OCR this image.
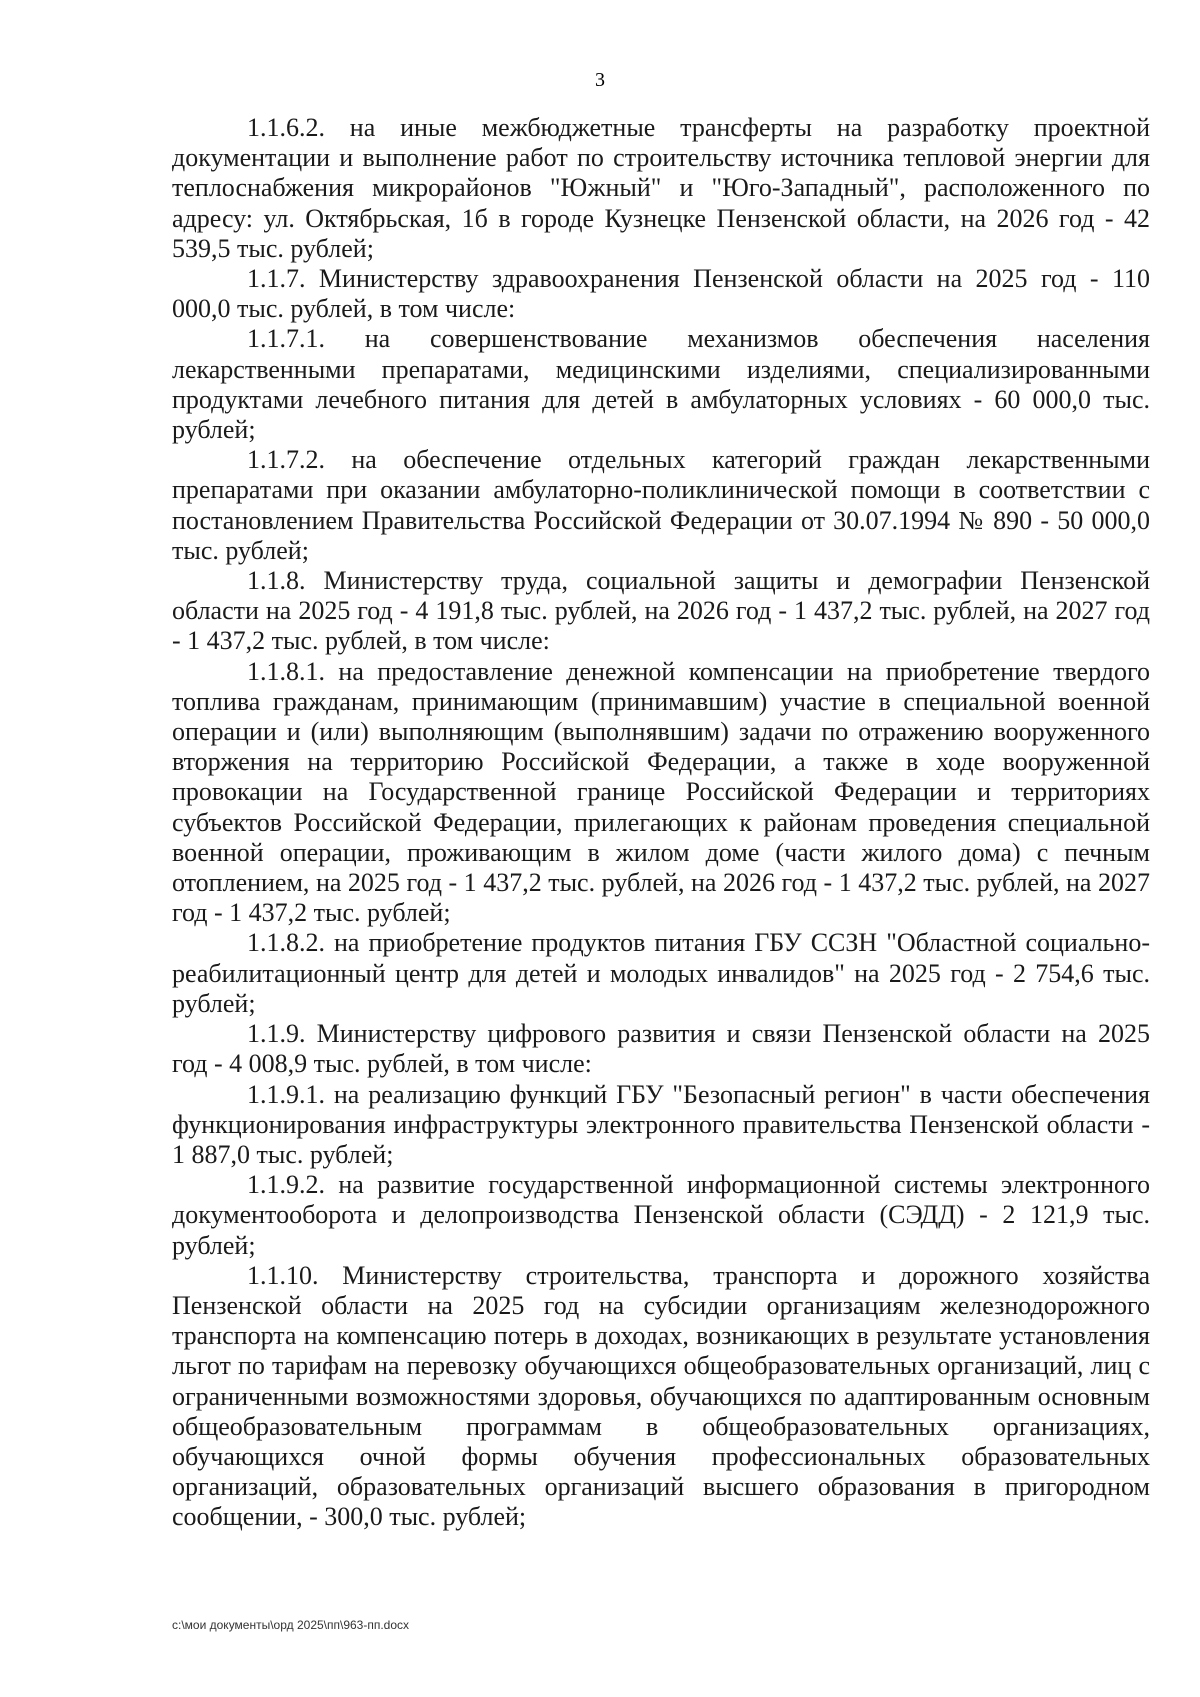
3

1.1.6.2. на иные межбюджетные трансферты на разработку проектной документации и выполнение работ по строительству источника тепловой энергии для теплоснабжения микрорайонов "Южный" и "Юго-Западный", расположенного по адресу: ул. Октябрьская, 1б в городе Кузнецке Пензенской области, на 2026 год - 42 539,5 тыс. рублей;

1.1.7. Министерству здравоохранения Пензенской области на 2025 год - 110 000,0 тыс. рублей, в том числе:

1.1.7.1. на совершенствование механизмов обеспечения населения лекарственными препаратами, медицинскими изделиями, специализированными продуктами лечебного питания для детей в амбулаторных условиях - 60 000,0 тыс. рублей;

1.1.7.2. на обеспечение отдельных категорий граждан лекарственными препаратами при оказании амбулаторно-поликлинической помощи в соответствии с постановлением Правительства Российской Федерации от 30.07.1994 № 890 - 50 000,0 тыс. рублей;

1.1.8. Министерству труда, социальной защиты и демографии Пензенской области на 2025 год - 4 191,8 тыс. рублей, на 2026 год - 1 437,2 тыс. рублей, на 2027 год - 1 437,2 тыс. рублей, в том числе:

1.1.8.1. на предоставление денежной компенсации на приобретение твердого топлива гражданам, принимающим (принимавшим) участие в специальной военной операции и (или) выполняющим (выполнявшим) задачи по отражению вооруженного вторжения на территорию Российской Федерации, а также в ходе вооруженной провокации на Государственной границе Российской Федерации и территориях субъектов Российской Федерации, прилегающих к районам проведения специальной военной операции, проживающим в жилом доме (части жилого дома) с печным отоплением, на 2025 год - 1 437,2 тыс. рублей, на 2026 год - 1 437,2 тыс. рублей, на 2027 год - 1 437,2 тыс. рублей;

1.1.8.2. на приобретение продуктов питания ГБУ ССЗН "Областной социально-реабилитационный центр для детей и молодых инвалидов" на 2025 год - 2 754,6 тыс. рублей;

1.1.9. Министерству цифрового развития и связи Пензенской области на 2025 год - 4 008,9 тыс. рублей, в том числе:

1.1.9.1. на реализацию функций ГБУ "Безопасный регион" в части обеспечения функционирования инфраструктуры электронного правительства Пензенской области - 1 887,0 тыс. рублей;

1.1.9.2. на развитие государственной информационной системы электронного документооборота и делопроизводства Пензенской области (СЭДД) - 2 121,9 тыс. рублей;

1.1.10. Министерству строительства, транспорта и дорожного хозяйства Пензенской области на 2025 год на субсидии организациям железнодорожного транспорта на компенсацию потерь в доходах, возникающих в результате установления льгот по тарифам на перевозку обучающихся общеобразовательных организаций, лиц с ограниченными возможностями здоровья, обучающихся по адаптированным основным общеобразовательным программам в общеобразовательных организациях, обучающихся очной формы обучения профессиональных образовательных организаций, образовательных организаций высшего образования в пригородном сообщении, - 300,0 тыс. рублей;

c:\мои документы\орд 2025\пп\963-пп.docx
